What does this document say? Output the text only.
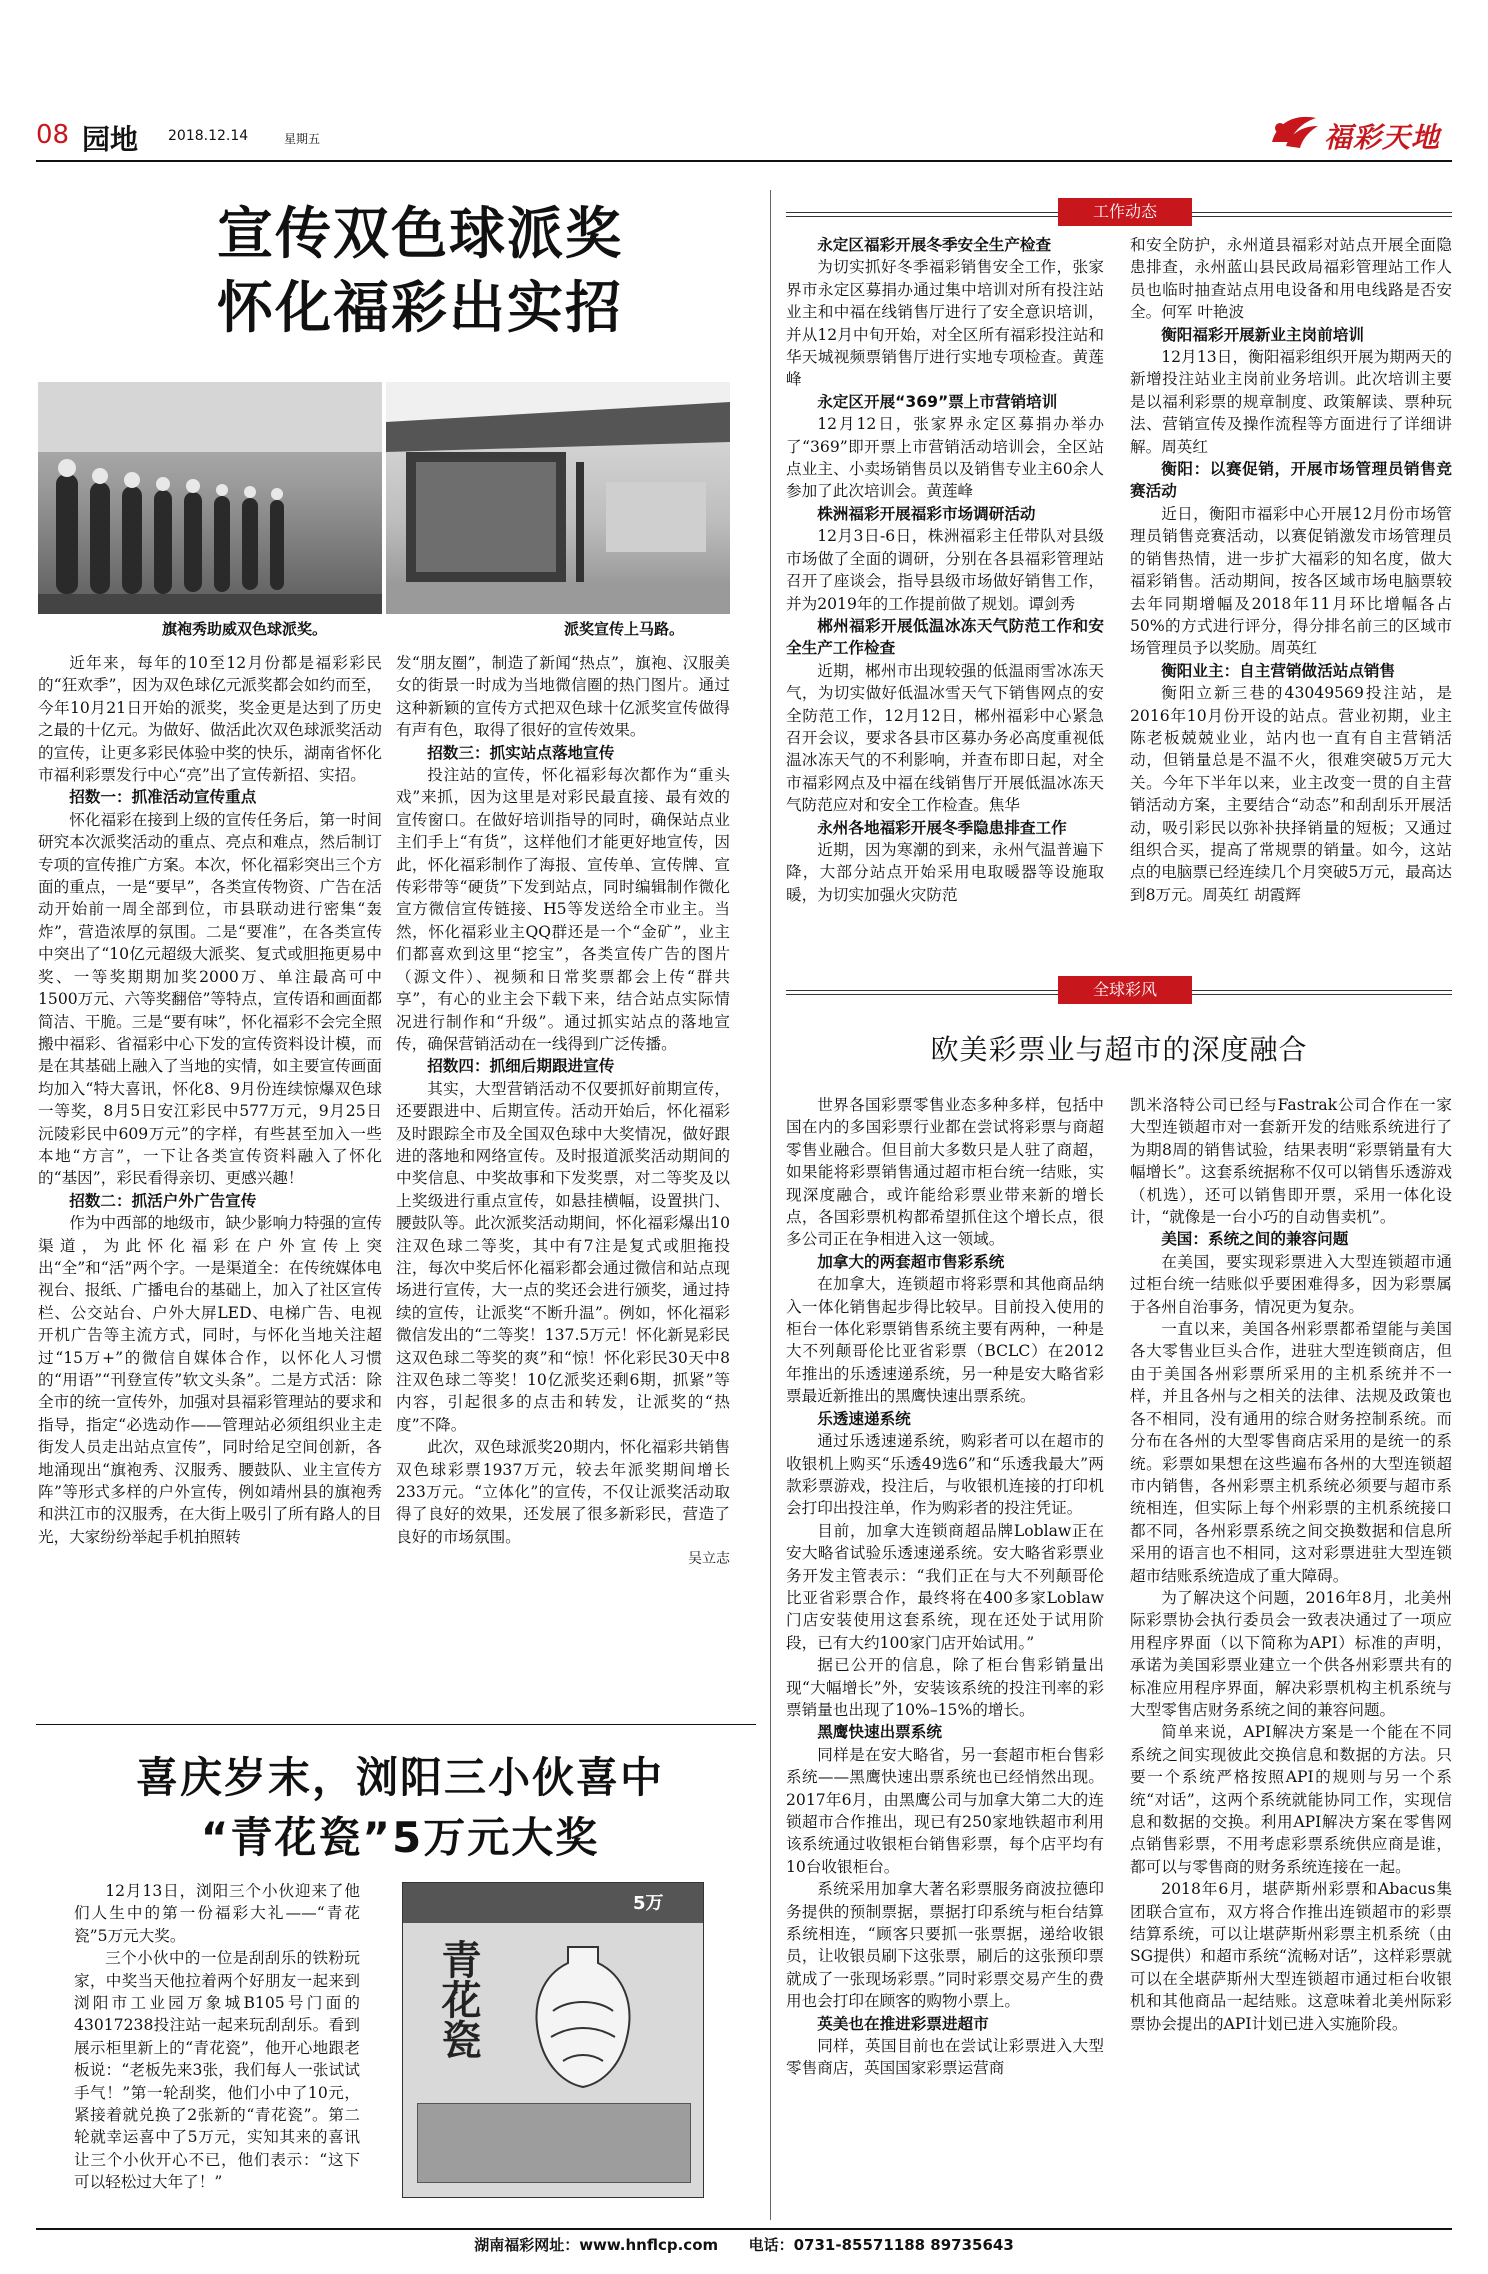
08 园地 2018.12.14	星期五	福彩天地
宣传双色球派奖
怀化福彩出实招
旗袍秀助威双色球派奖。	派奖宣传上马路。

近年来，每年的10至12月份都是福彩彩民的“狂欢季”，因为双色球亿元派奖都会如约而至，今年10月21日开始的派奖，奖金更是达到了历史之最的十亿元。为做好、做活此次双色球派奖活动的宣传，让更多彩民体验中奖的快乐，湖南省怀化市福利彩票发行中心“亮”出了宣传新招、实招。

招数一：抓准活动宣传重点

怀化福彩在接到上级的宣传任务后，第一时间研究本次派奖活动的重点、亮点和难点，然后制订专项的宣传推广方案。本次，怀化福彩突出三个方面的重点，一是“要早”，各类宣传物资、广告在活动开始前一周全部到位，市县联动进行密集“轰炸”，营造浓厚的氛围。二是“要准”，在各类宣传中突出了“10亿元超级大派奖、复式或胆拖更易中奖、一等奖期期加奖2000万、单注最高可中1500万元、六等奖翻倍”等特点，宣传语和画面都简洁、干脆。三是“要有味”，怀化福彩不会完全照搬中福彩、省福彩中心下发的宣传资料设计模，而是在其基础上融入了当地的实情，如主要宣传画面均加入“特大喜讯，怀化8、9月份连续惊爆双色球一等奖，8月5日安江彩民中577万元，9月25日沅陵彩民中609万元”的字样，有些甚至加入一些本地“方言”，一下让各类宣传资料融入了怀化的“基因”，彩民看得亲切、更感兴趣！

招数二：抓活户外广告宣传

作为中西部的地级市，缺少影响力特强的宣传渠道，为此怀化福彩在户外宣传上突出“全”和“活”两个字。一是渠道全：在传统媒体电视台、报纸、广播电台的基础上，加入了社区宣传栏、公交站台、户外大屏LED、电梯广告、电视开机广告等主流方式，同时，与怀化当地关注超过“15万+”的微信自媒体合作，以怀化人习惯的“用语”“刊登宣传”软文头条”。二是方式活：除全市的统一宣传外，加强对县福彩管理站的要求和指导，指定“必选动作——管理站必须组织业主走街发人员走出站点宣传”，同时给足空间创新，各地涌现出“旗袍秀、汉服秀、腰鼓队、业主宣传方阵”等形式多样的户外宣传，例如靖州县的旗袍秀和洪江市的汉服秀，在大街上吸引了所有路人的目光，大家纷纷举起手机拍照转

发“朋友圈”，制造了新闻“热点”，旗袍、汉服美女的街景一时成为当地微信圈的热门图片。通过这种新颖的宣传方式把双色球十亿派奖宣传做得有声有色，取得了很好的宣传效果。

招数三：抓实站点落地宣传

投注站的宣传，怀化福彩每次都作为“重头戏”来抓，因为这里是对彩民最直接、最有效的宣传窗口。在做好培训指导的同时，确保站点业主们手上“有货”，这样他们才能更好地宣传，因此，怀化福彩制作了海报、宣传单、宣传牌、宣传彩带等“硬货”下发到站点，同时编辑制作微化宣方微信宣传链接、H5等发送给全市业主。当然，怀化福彩业主QQ群还是一个“金矿”，业主们都喜欢到这里“挖宝”，各类宣传广告的图片（源文件）、视频和日常奖票都会上传“群共享”，有心的业主会下载下来，结合站点实际情况进行制作和“升级”。通过抓实站点的落地宣传，确保营销活动在一线得到广泛传播。

招数四：抓细后期跟进宣传

其实，大型营销活动不仅要抓好前期宣传，还要跟进中、后期宣传。活动开始后，怀化福彩及时跟踪全市及全国双色球中大奖情况，做好跟进的落地和网络宣传。及时报道派奖活动期间的中奖信息、中奖故事和下发奖票，对二等奖及以上奖级进行重点宣传，如悬挂横幅，设置拱门、腰鼓队等。此次派奖活动期间，怀化福彩爆出10注双色球二等奖，其中有7注是复式或胆拖投注，每次中奖后怀化福彩都会通过微信和站点现场进行宣传，大一点的奖还会进行颁奖，通过持续的宣传，让派奖“不断升温”。例如，怀化福彩微信发出的“二等奖！137.5万元！怀化新晃彩民这双色球二等奖的爽”和“惊！怀化彩民30天中8注双色球二等奖！10亿派奖还剩6期，抓紧”等内容，引起很多的点击和转发，让派奖的“热度”不降。

此次，双色球派奖20期内，怀化福彩共销售双色球彩票1937万元，较去年派奖期间增长233万元。“立体化”的宣传，不仅让派奖活动取得了良好的效果，还发展了很多新彩民，营造了良好的市场氛围。

吴立志

喜庆岁末，浏阳三小伙喜中
“青花瓷”5万元大奖

12月13日，浏阳三个小伙迎来了他们人生中的第一份福彩大礼——“青花瓷”5万元大奖。

三个小伙中的一位是刮刮乐的铁粉玩家，中奖当天他拉着两个好朋友一起来到浏阳市工业园万象城B105号门面的43017238投注站一起来玩刮刮乐。看到展示柜里新上的“青花瓷”，他开心地跟老板说：“老板先来3张，我们每人一张试试手气！”第一轮刮奖，他们小中了10元，紧接着就兑换了2张新的“青花瓷”。第二轮就幸运喜中了5万元，实知其来的喜讯让三个小伙开心不已，他们表示：“这下可以轻松过大年了！”

5万
青花瓷
工作动态
永定区福彩开展冬季安全生产检查

为切实抓好冬季福彩销售安全工作，张家界市永定区募捐办通过集中培训对所有投注站业主和中福在线销售厅进行了安全意识培训，并从12月中旬开始，对全区所有福彩投注站和华天城视频票销售厅进行实地专项检查。黄莲峰

永定区开展“369”票上市营销培训

12月12日，张家界永定区募捐办举办了“369”即开票上市营销活动培训会，全区站点业主、小卖场销售员以及销售专业主60余人参加了此次培训会。黄莲峰

株洲福彩开展福彩市场调研活动

12月3日-6日，株洲福彩主任带队对县级市场做了全面的调研，分别在各县福彩管理站召开了座谈会，指导县级市场做好销售工作，并为2019年的工作提前做了规划。谭剑秀

郴州福彩开展低温冰冻天气防范工作和安全生产工作检查

近期，郴州市出现较强的低温雨雪冰冻天气，为切实做好低温冰雪天气下销售网点的安全防范工作，12月12日，郴州福彩中心紧急召开会议，要求各县市区募办务必高度重视低温冰冻天气的不利影响，并查布即日起，对全市福彩网点及中福在线销售厅开展低温冰冻天气防范应对和安全工作检查。焦华

永州各地福彩开展冬季隐患排查工作

近期，因为寒潮的到来，永州气温普遍下降，大部分站点开始采用电取暖器等设施取暖，为切实加强火灾防范

和安全防护，永州道县福彩对站点开展全面隐患排查，永州蓝山县民政局福彩管理站工作人员也临时抽查站点用电设备和用电线路是否安全。何军 叶艳波

衡阳福彩开展新业主岗前培训

12月13日，衡阳福彩组织开展为期两天的新增投注站业主岗前业务培训。此次培训主要是以福利彩票的规章制度、政策解读、票种玩法、营销宣传及操作流程等方面进行了详细讲解。周英红

衡阳：以赛促销，开展市场管理员销售竞赛活动

近日，衡阳市福彩中心开展12月份市场管理员销售竞赛活动，以赛促销激发市场管理员的销售热情，进一步扩大福彩的知名度，做大福彩销售。活动期间，按各区域市场电脑票较去年同期增幅及2018年11月环比增幅各占50%的方式进行评分，得分排名前三的区域市场管理员予以奖励。周英红

衡阳业主：自主营销做活站点销售

衡阳立新三巷的43049569投注站，是2016年10月份开设的站点。营业初期，业主陈老板兢兢业业，站内也一直有自主营销活动，但销量总是不温不火，很难突破5万元大关。今年下半年以来，业主改变一贯的自主营销活动方案，主要结合“动态”和刮刮乐开展活动，吸引彩民以弥补抉择销量的短板；又通过组织合买，提高了常规票的销量。如今，这站点的电脑票已经连续几个月突破5万元，最高达到8万元。周英红 胡霞辉

全球彩风
欧美彩票业与超市的深度融合

世界各国彩票零售业态多种多样，包括中国在内的多国彩票行业都在尝试将彩票与商超零售业融合。但目前大多数只是人驻了商超，如果能将彩票销售通过超市柜台统一结账，实现深度融合，或许能给彩票业带来新的增长点，各国彩票机构都希望抓住这个增长点，很多公司正在争相进入这一领域。

加拿大的两套超市售彩系统

在加拿大，连锁超市将彩票和其他商品纳入一体化销售起步得比较早。目前投入使用的柜台一体化彩票销售系统主要有两种，一种是大不列颠哥伦比亚省彩票（BCLC）在2012年推出的乐透速递系统，另一种是安大略省彩票最近新推出的黑鹰快速出票系统。

乐透速递系统

通过乐透速递系统，购彩者可以在超市的收银机上购买“乐透49选6”和“乐透我最大”两款彩票游戏，投注后，与收银机连接的打印机会打印出投注单，作为购彩者的投注凭证。

目前，加拿大连锁商超品牌Loblaw正在安大略省试验乐透速递系统。安大略省彩票业务开发主管表示：“我们正在与大不列颠哥伦比亚省彩票合作，最终将在400多家Loblaw门店安装使用这套系统，现在还处于试用阶段，已有大约100家门店开始试用。”

据已公开的信息，除了柜台售彩销量出现“大幅增长”外，安装该系统的投注刊率的彩票销量也出现了10%–15%的增长。

黑鹰快速出票系统

同样是在安大略省，另一套超市柜台售彩系统——黑鹰快速出票系统也已经悄然出现。2017年6月，由黑鹰公司与加拿大第二大的连锁超市合作推出，现已有250家地铁超市利用该系统通过收银柜台销售彩票，每个店平均有10台收银柜台。

系统采用加拿大著名彩票服务商波拉德印务提供的预制票据，票据打印系统与柜台结算系统相连，“顾客只要抓一张票据，递给收银员，让收银员刷下这张票，刷后的这张预印票就成了一张现场彩票。”同时彩票交易产生的费用也会打印在顾客的购物小票上。

英美也在推进彩票进超市

同样，英国目前也在尝试让彩票进入大型零售商店，英国国家彩票运营商

凯米洛特公司已经与Fastrak公司合作在一家大型连锁超市对一套新开发的结账系统进行了为期8周的销售试验，结果表明“彩票销量有大幅增长”。这套系统据称不仅可以销售乐透游戏（机选），还可以销售即开票，采用一体化设计，“就像是一台小巧的自动售卖机”。

美国：系统之间的兼容问题

在美国，要实现彩票进入大型连锁超市通过柜台统一结账似乎要困难得多，因为彩票属于各州自治事务，情况更为复杂。

一直以来，美国各州彩票都希望能与美国各大零售业巨头合作，进驻大型连锁商店，但由于美国各州彩票所采用的主机系统并不一样，并且各州与之相关的法律、法规及政策也各不相同，没有通用的综合财务控制系统。而分布在各州的大型零售商店采用的是统一的系统。彩票如果想在这些遍布各州的大型连锁超市内销售，各州彩票主机系统必须要与超市系统相连，但实际上每个州彩票的主机系统接口都不同，各州彩票系统之间交换数据和信息所采用的语言也不相同，这对彩票进驻大型连锁超市结账系统造成了重大障碍。

为了解决这个问题，2016年8月，北美州际彩票协会执行委员会一致表决通过了一项应用程序界面（以下简称为API）标准的声明，承诺为美国彩票业建立一个供各州彩票共有的标准应用程序界面，解决彩票机构主机系统与大型零售店财务系统之间的兼容问题。

简单来说，API解决方案是一个能在不同系统之间实现彼此交换信息和数据的方法。只要一个系统严格按照API的规则与另一个系统“对话”，这两个系统就能协同工作，实现信息和数据的交换。利用API解决方案在零售网点销售彩票，不用考虑彩票系统供应商是谁，都可以与零售商的财务系统连接在一起。

2018年6月，堪萨斯州彩票和Abacus集团联合宣布，双方将合作推出连锁超市的彩票结算系统，可以让堪萨斯州彩票主机系统（由SG提供）和超市系统“流畅对话”，这样彩票就可以在全堪萨斯州大型连锁超市通过柜台收银机和其他商品一起结账。这意味着北美州际彩票协会提出的API计划已进入实施阶段。

湖南福彩网址：www.hnflcp.com 电话：0731-85571188 89735643
